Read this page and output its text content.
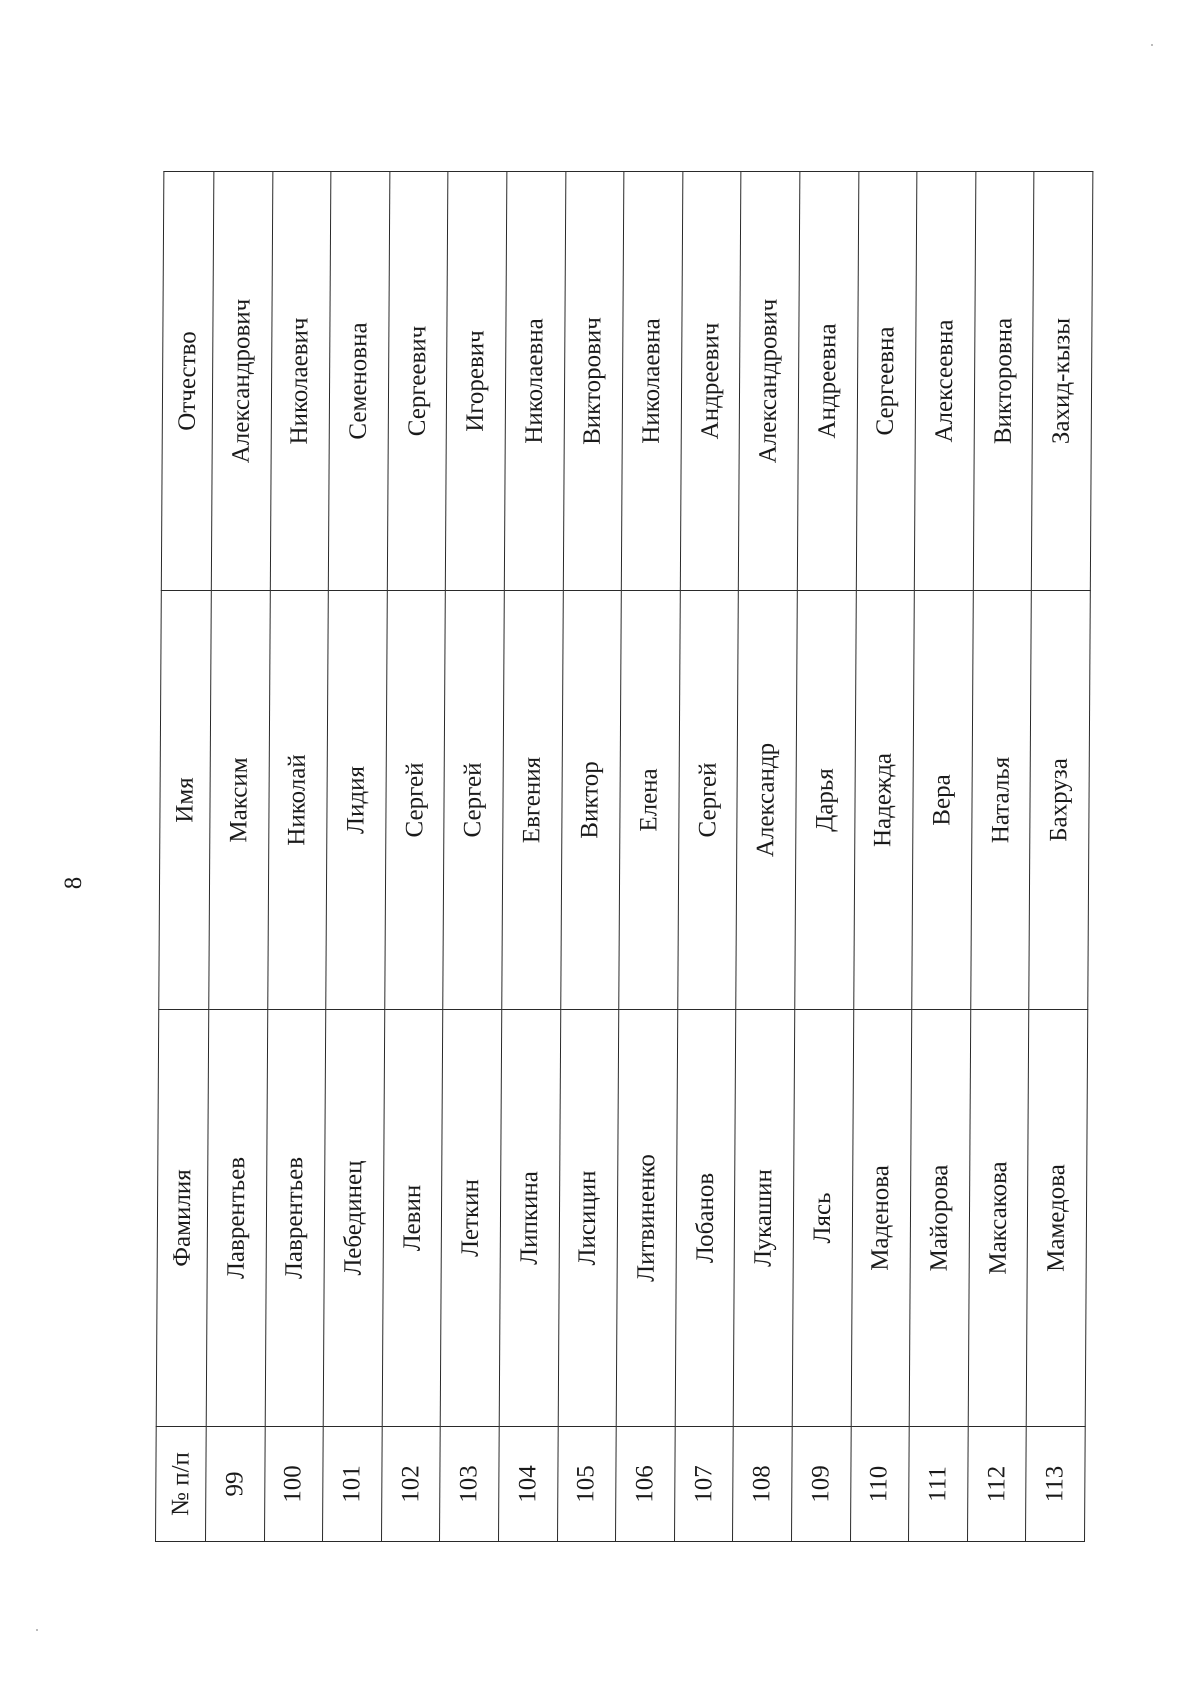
8
№ п/п	Фамилия	Имя	Отчество
99	Лаврентьев	Максим	Александрович
100	Лаврентьев	Николай	Николаевич
101	Лебединец	Лидия	Семеновна
102	Левин	Сергей	Сергеевич
103	Леткин	Сергей	Игоревич
104	Липкина	Евгения	Николаевна
105	Лисицин	Виктор	Викторович
106	Литвиненко	Елена	Николаевна
107	Лобанов	Сергей	Андреевич
108	Лукашин	Александр	Александрович
109	Лясь	Дарья	Андреевна
110	Маденова	Надежда	Сергеевна
111	Майорова	Вера	Алексеевна
112	Максакова	Наталья	Викторовна
113	Мамедова	Бахруза	Захид-кызы
